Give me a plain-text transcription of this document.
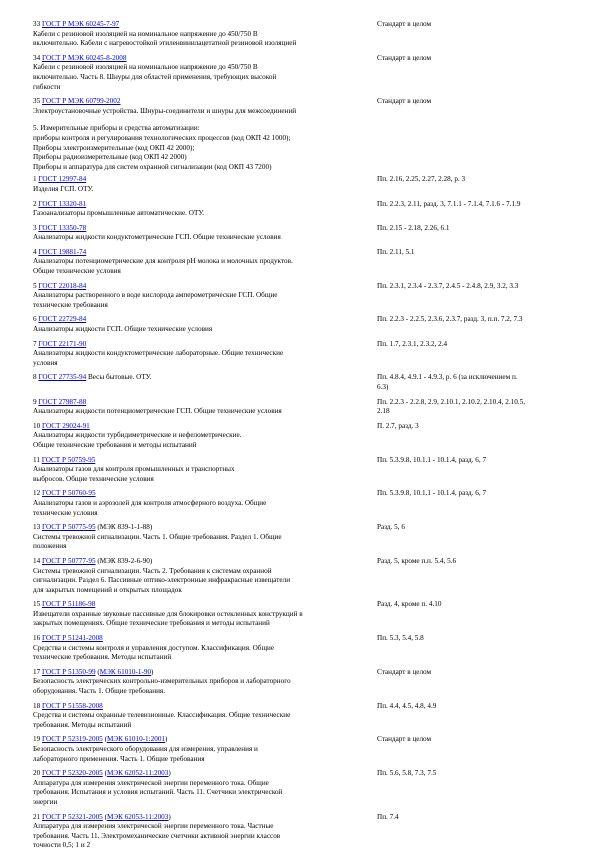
33 ГОСТ Р МЭК 60245-7-97
Кабели с резиновой изоляцией на номинальное напряжение до 450/750 В
включительно. Кабели с нагревостойкой этиленвинилацетатной резиновой изоляцией
Стандарт в целом
34 ГОСТ Р МЭК 60245-8-2008
Кабели с резиновой изоляцией на номинальное напряжение до 450/750 В
включительно. Часть 8. Шнуры для областей применения, требующих высокой
гибкости
Стандарт в целом
35 ГОСТ Р МЭК 60799-2002
Электроустановочные устройства. Шнуры-соединители и шнуры для межсоединений
Стандарт в целом
5. Измерительные приборы и средства автоматизации:
приборы контроля и регулирования технологических процессов (код ОКП 42 1000);
Приборы электроизмерительные (код ОКП 42 2000);
Приборы радиоизмерительные (код ОКП 42 2000)
Приборы и аппаратура для систем охранной сигнализации (код ОКП 43 7200)
1 ГОСТ 12997-84
Изделия ГСП. ОТУ.
Пп. 2.16, 2.25, 2.27, 2.28, р. 3
2 ГОСТ 13320-81
Газоанализаторы промышленные автоматические. ОТУ.
Пп. 2.2.3, 2.11, разд. 3, 7.1.1 - 7.1.4, 7.1.6 - 7.1.9
3 ГОСТ 13350-78
Анализаторы жидкости кондуктометрические ГСП. Общие технические условия
Пп. 2.15 - 2.18, 2.26, 6.1
4 ГОСТ 19881-74
Анализаторы потенциометрические для контроля pH молока и молочных продуктов.
Общие технические условия
Пп. 2.11, 5.1
5 ГОСТ 22018-84
Анализаторы растворенного в воде кислорода амперометрические ГСП. Общие
технические требования
Пп. 2.3.1, 2.3.4 - 2.3.7, 2.4.5 - 2.4.8, 2.9, 3.2, 3.3
6 ГОСТ 22729-84
Анализаторы жидкости ГСП. Общие технические условия
Пп. 2.2.3 - 2.2.5, 2.3.6, 2.3.7, разд. 3, п.п. 7.2, 7.3
7 ГОСТ 22171-90
Анализаторы жидкости кондуктометрические лабораторные. Общие технические
условия
Пп. 1.7, 2.3.1, 2.3.2, 2.4
8 ГОСТ 27735-94 Весы бытовые. ОТУ.	Пп. 4.8.4, 4.9.1 - 4.9.3, р. 6 (за исключением п.
6.3)
9 ГОСТ 27987-88
Анализаторы жидкости потенциометрические ГСП. Общие технические условия
Пп. 2.2.3 - 2.2.8, 2.9, 2.10.1, 2.10.2, 2.10.4, 2.10.5,
2.18
10 ГОСТ 29024-91
Анализаторы жидкости турбидиметрические и нефелометрические.
Общие технические требования и методы испытаний
П. 2.7, разд. 3
11 ГОСТ Р 50759-95
Анализаторы газов для контроля промышленных и транспортных
выбросов. Общие технические условия
Пп. 5.3.9.8, 10.1.1 - 10.1.4, разд. 6, 7
12 ГОСТ Р 50760-95
Анализаторы газов и аэрозолей для контроля атмосферного воздуха. Общие
технические условия
Пп. 5.3.9.8, 10.1.1 - 10.1.4, разд. 6, 7
13 ГОСТ Р 50775-95 (МЭК 839-1-1-88)
Системы тревожной сигнализации. Часть 1. Общие требования. Раздел 1. Общие
положения
Разд. 5, 6
14 ГОСТ Р 50777-95 (МЭК 839-2-6-90)
Системы тревожной сигнализации. Часть 2. Требования к системам охранной
сигнализации. Раздел 6. Пассивные оптико-электронные инфракрасные извещатели
для закрытых помещений и открытых площадок
Разд. 5, кроме п.п. 5.4, 5.6
15 ГОСТ Р 51186-98
Извещатели охранные звуковые пассивные для блокировки остекленных конструкций в
закрытых помещениях. Общие технические требования и методы испытаний
Разд. 4, кроме п. 4.10
16 ГОСТ Р 51241-2008
Средства и системы контроля и управления доступом. Классификация. Общие
технические требования. Методы испытаний
Пп. 5.3, 5.4, 5.8
17 ГОСТ Р 51350-99 (МЭК 61010-1-90)
Безопасность электрических контрольно-измерительных приборов и лабораторного
оборудования. Часть 1. Общие требования.
Стандарт в целом
18 ГОСТ Р 51558-2008
Средства и системы охранные телевизионные. Классификация. Общие технические
требования. Методы испытаний
Пп. 4.4, 4.5, 4.8, 4.9
19 ГОСТ Р 52319-2005 (МЭК 61010-1:2001)
Безопасность электрического оборудования для измерения, управления и
лабораторного применения. Часть 1. Общие требования
Стандарт в целом
20 ГОСТ Р 52320-2005 (МЭК 62052-11:2003)
Аппаратура для измерения электрической энергии переменного тока. Общие
требования. Испытания и условия испытаний. Часть 11. Счетчики электрической
энергии
Пп. 5.6, 5.8, 7.3, 7.5
21 ГОСТ Р 52321-2005 (МЭК 62053-11:2003)
Аппаратура для измерения электрической энергии переменного тока. Частные
требования. Часть 11. Электромеханические счетчики активной энергии классов
точности 0,5; 1 и 2
Пп. 7.4
